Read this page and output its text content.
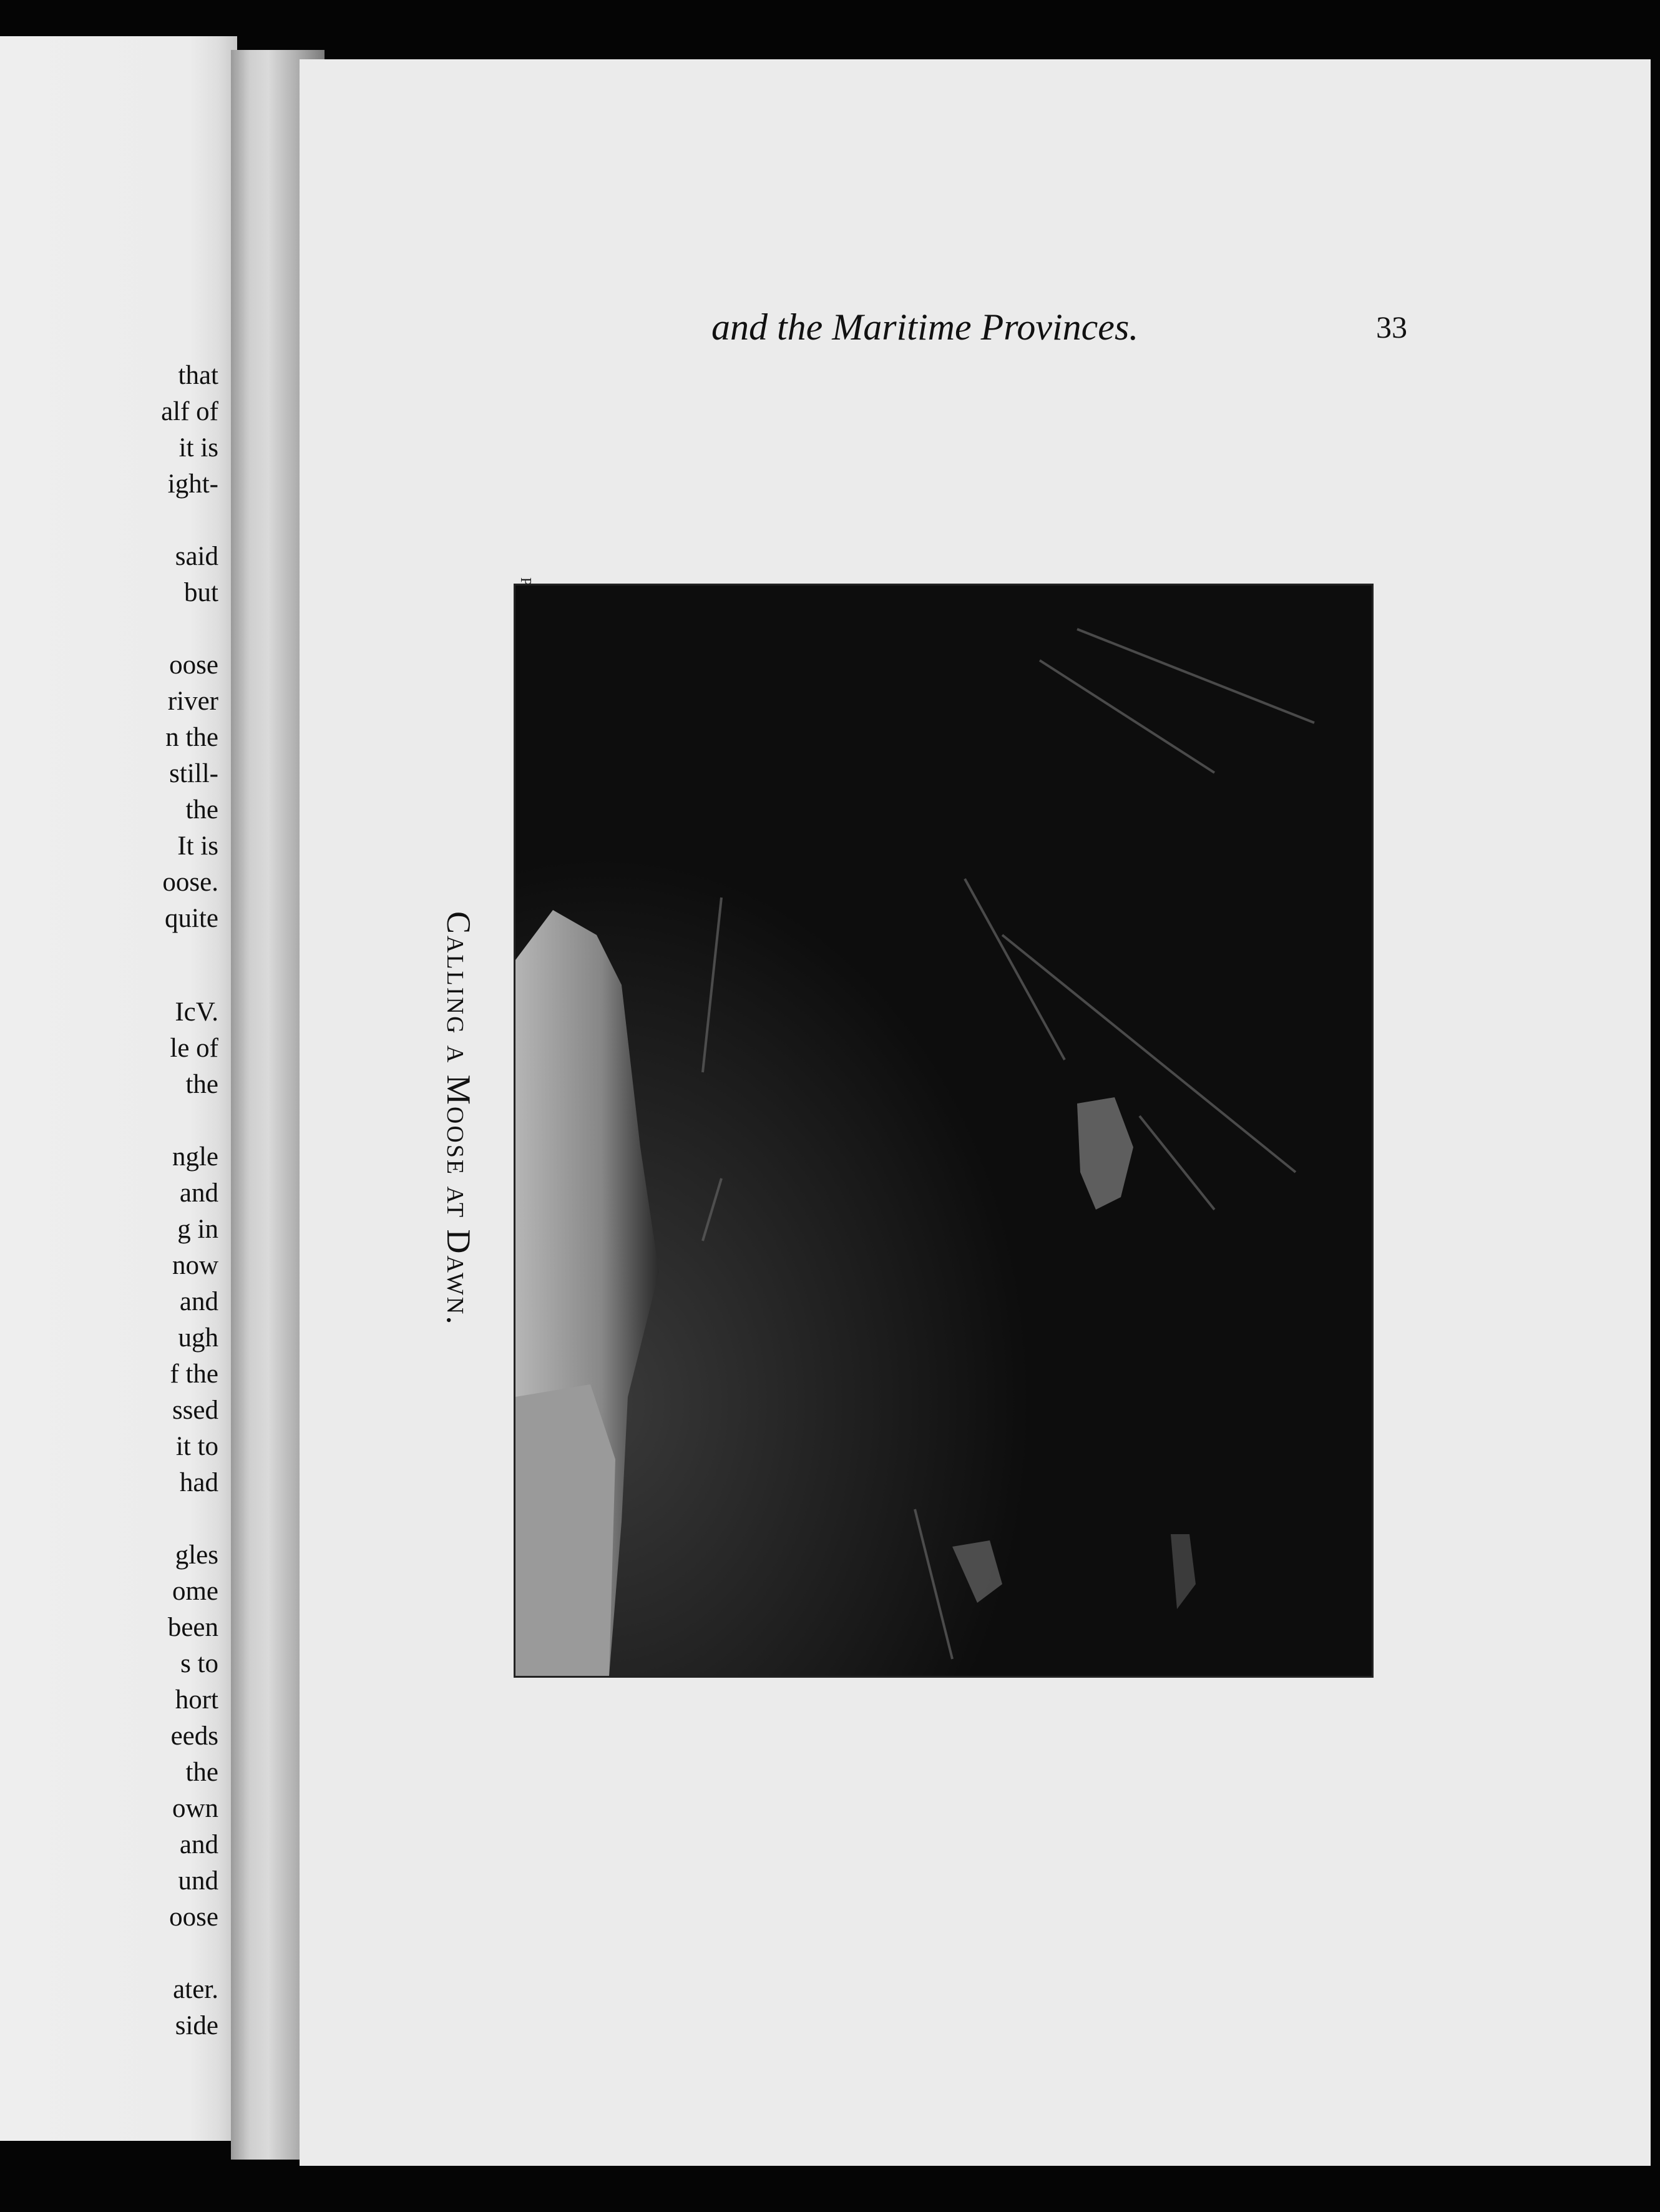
that
alf of
it is
ight-
said
but
oose
river
n the
still-
the
It is
oose.
quite
IcV.
le of
the
ngle
and
g in
now
and
ugh
f the
ssed
it to
had
gles
ome
been
s to
hort
eeds
the
own
and
und
oose
ater.
side
and the Maritime Provinces.	33
Calling a Moose at Dawn.
